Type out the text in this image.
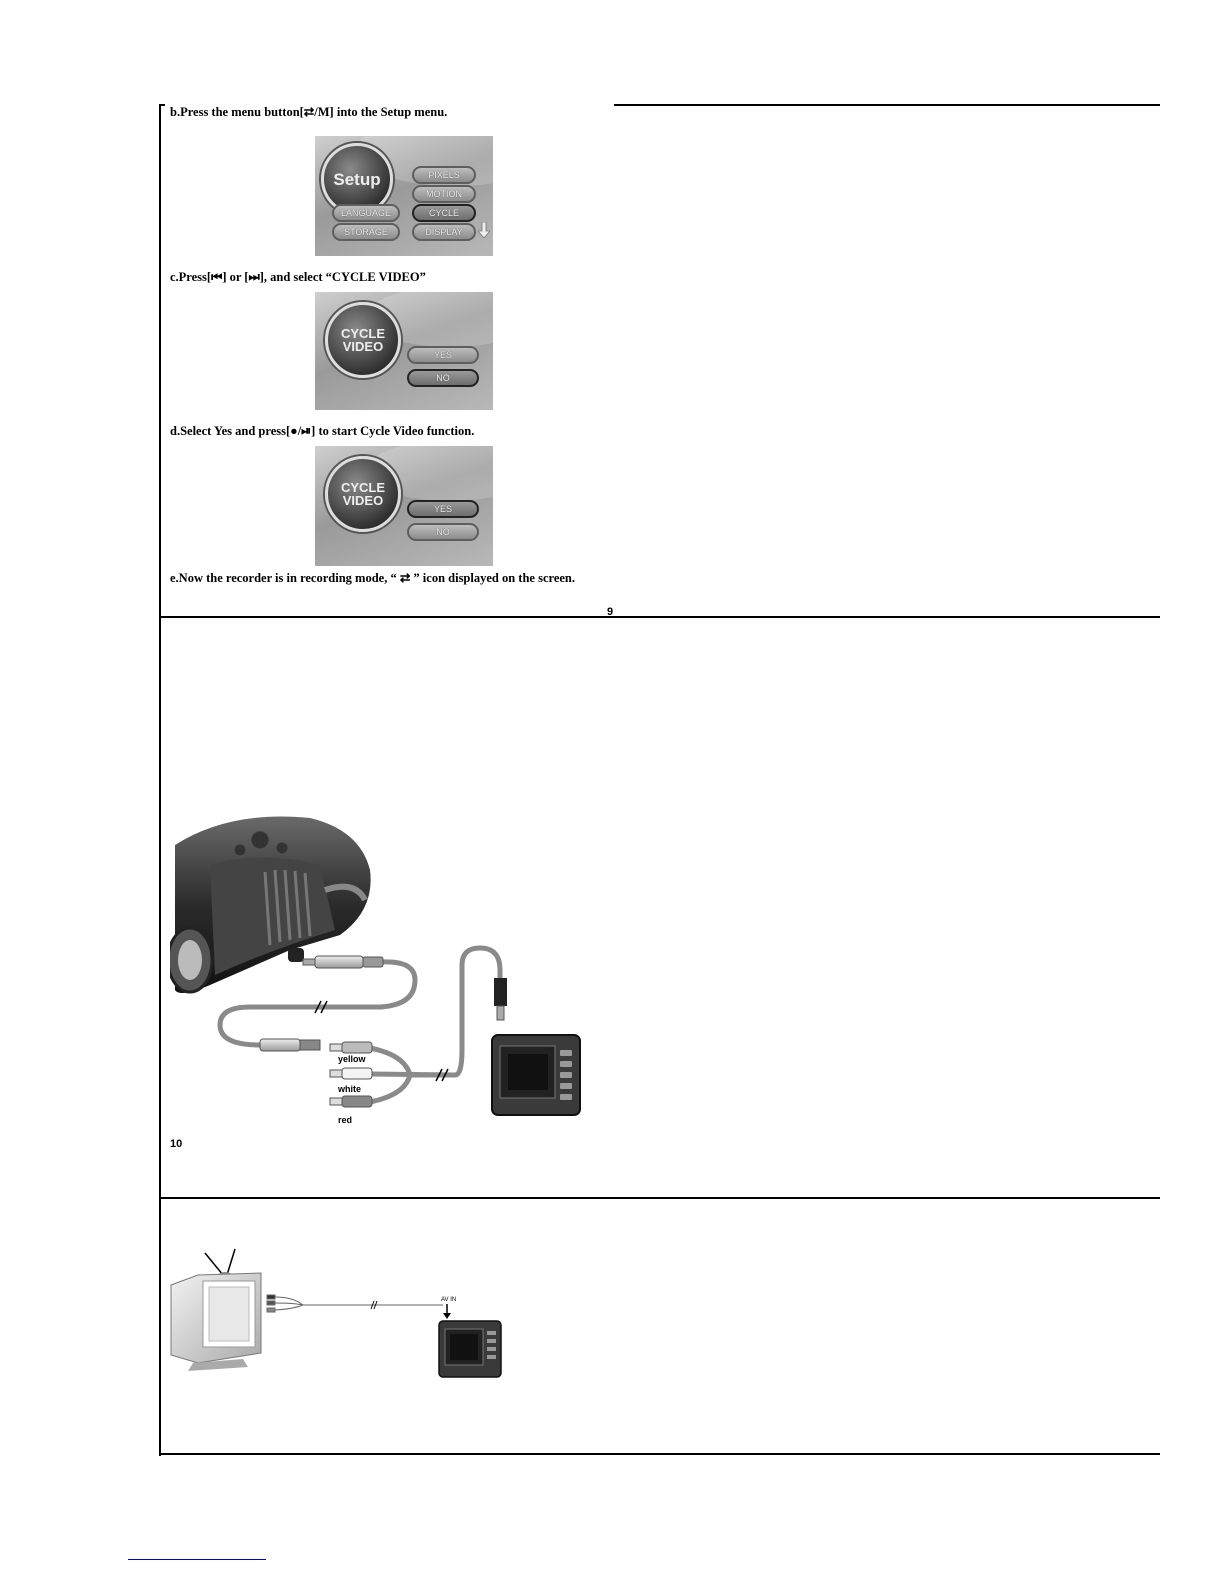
b.Press the menu button[⇄/M] into the Setup menu.
c.Press[⏮] or [⏭], and select “CYCLE VIDEO”
d.Select Yes and press[●/⏯] to start Cycle Video function.
e.Now the recorder is in recording mode, “ ⇄ ” icon displayed on the screen.
Setup
LANGUAGE
STORAGE
PIXELS
MOTION
CYCLE
DISPLAY
CYCLE
VIDEO
YES
NO
CYCLE
VIDEO
YES
NO
9
10
yellow
white
red
AV IN
